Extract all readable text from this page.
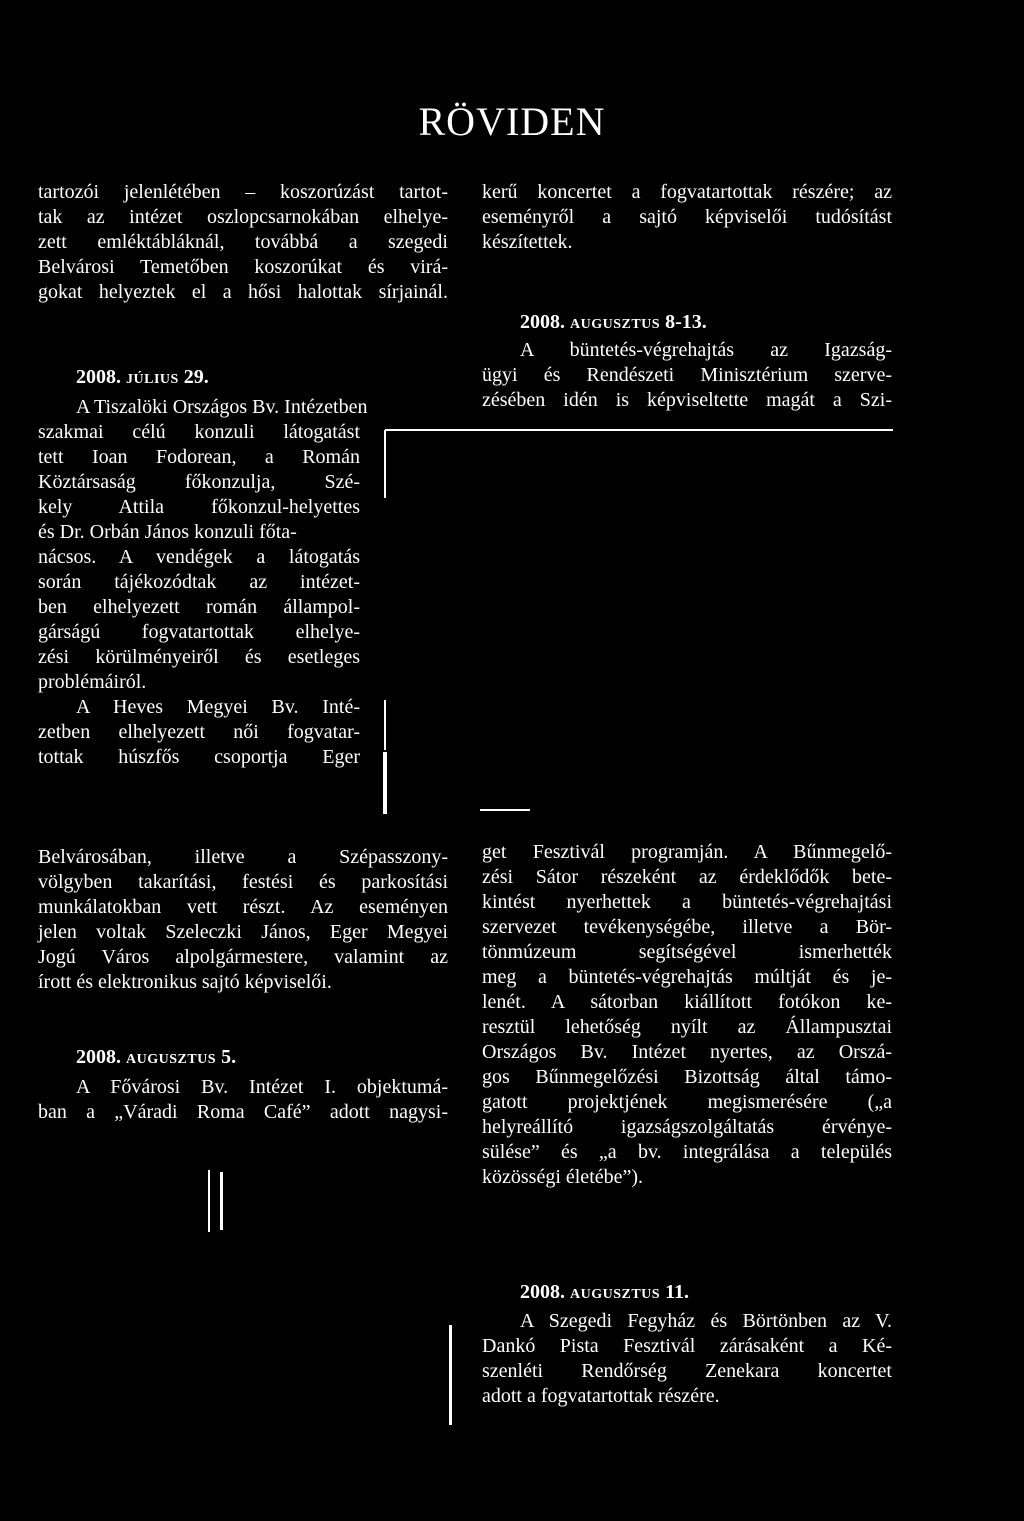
RÖVIDEN
tartozói jelenlétében – koszorúzást tartot-
tak az intézet oszlopcsarnokában elhelye-
zett emléktábláknál, továbbá a szegedi
Belvárosi Temetőben koszorúkat és virá-
gokat helyeztek el a hősi halottak sírjainál.
2008. JÚLIUS 29.
A Tiszalöki Országos Bv. Intézetben
szakmai célú konzuli látogatást
tett Ioan Fodorean, a Román
Köztársaság főkonzulja, Szé-
kely Attila főkonzul-helyettes
és Dr. Orbán János konzuli főta-
nácsos. A vendégek a látogatás
során tájékozódtak az intézet-
ben elhelyezett román állampol-
gárságú fogvatartottak elhelye-
zési körülményeiről és esetleges
problémáiról.
A Heves Megyei Bv. Inté-
zetben elhelyezett női fogvatar-
tottak húszfős csoportja Eger
Belvárosában, illetve a Szépasszony-
völgyben takarítási, festési és parkosítási
munkálatokban vett részt. Az eseményen
jelen voltak Szeleczki János, Eger Megyei
Jogú Város alpolgármestere, valamint az
írott és elektronikus sajtó képviselői.
2008. AUGUSZTUS 5.
A Fővárosi Bv. Intézet I. objektumá-
ban a „Váradi Roma Café” adott nagysi-
kerű koncertet a fogvatartottak részére; az
eseményről a sajtó képviselői tudósítást
készítettek.
2008. AUGUSZTUS 8-13.
A büntetés-végrehajtás az Igazság-
ügyi és Rendészeti Minisztérium szerve-
zésében idén is képviseltette magát a Szi-
get Fesztivál programján. A Bűnmegelő-
zési Sátor részeként az érdeklődők bete-
kintést nyerhettek a büntetés-végrehajtási
szervezet tevékenységébe, illetve a Bör-
tönmúzeum segítségével ismerhették
meg a büntetés-végrehajtás múltját és je-
lenét. A sátorban kiállított fotókon ke-
resztül lehetőség nyílt az Állampusztai
Országos Bv. Intézet nyertes, az Orszá-
gos Bűnmegelőzési Bizottság által támo-
gatott projektjének megismerésére („a
helyreállító igazságszolgáltatás érvénye-
sülése” és „a bv. integrálása a település
közösségi életébe”).
2008. AUGUSZTUS 11.
A Szegedi Fegyház és Börtönben az V.
Dankó Pista Fesztivál zárásaként a Ké-
szenléti Rendőrség Zenekara koncertet
adott a fogvatartottak részére.
